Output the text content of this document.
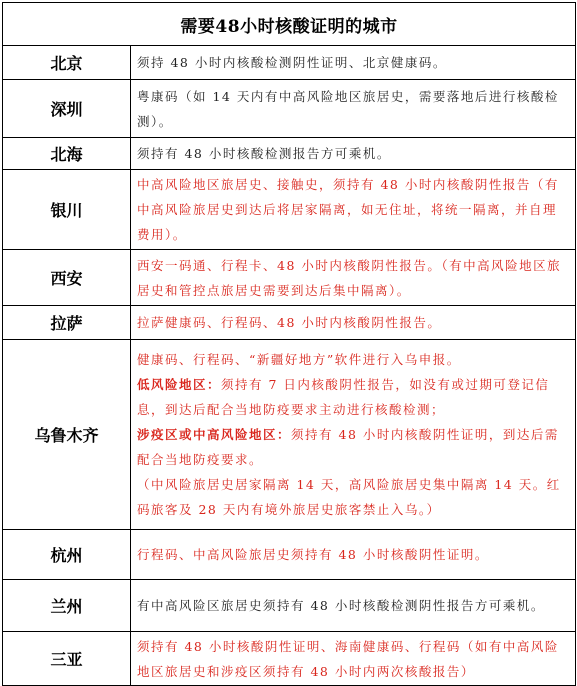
需要48小时核酸证明的城市	
北京	须持 48 小时内核酸检测阴性证明、北京健康码。
深圳	粤康码（如 14 天内有中高风险地区旅居史，需要落地后进行核酸检测）。
北海	须持有 48 小时核酸检测报告方可乘机。
银川	中高风险地区旅居史、接触史，须持有 48 小时内核酸阴性报告（有中高风险旅居史到达后将居家隔离，如无住址，将统一隔离，并自理费用）。
西安	西安一码通、行程卡、48 小时内核酸阴性报告。（有中高风险地区旅居史和管控点旅居史需要到达后集中隔离）。
拉萨	拉萨健康码、行程码、48 小时内核酸阴性报告。
乌鲁木齐	健康码、行程码、“新疆好地方”软件进行入乌申报。
低风险地区：须持有 7 日内核酸阴性报告，如没有或过期可登记信息，到达后配合当地防疫要求主动进行核酸检测；
涉疫区或中高风险地区：须持有 48 小时内核酸阴性证明，到达后需配合当地防疫要求。
（中风险旅居史居家隔离 14 天，高风险旅居史集中隔离 14 天。红码旅客及 28 天内有境外旅居史旅客禁止入乌。）

杭州	行程码、中高风险旅居史须持有 48 小时核酸阴性证明。
兰州	有中高风险区旅居史须持有 48 小时核酸检测阴性报告方可乘机。
三亚	须持有 48 小时核酸阴性证明、海南健康码、行程码（如有中高风险地区旅居史和涉疫区须持有 48 小时内两次核酸报告）
